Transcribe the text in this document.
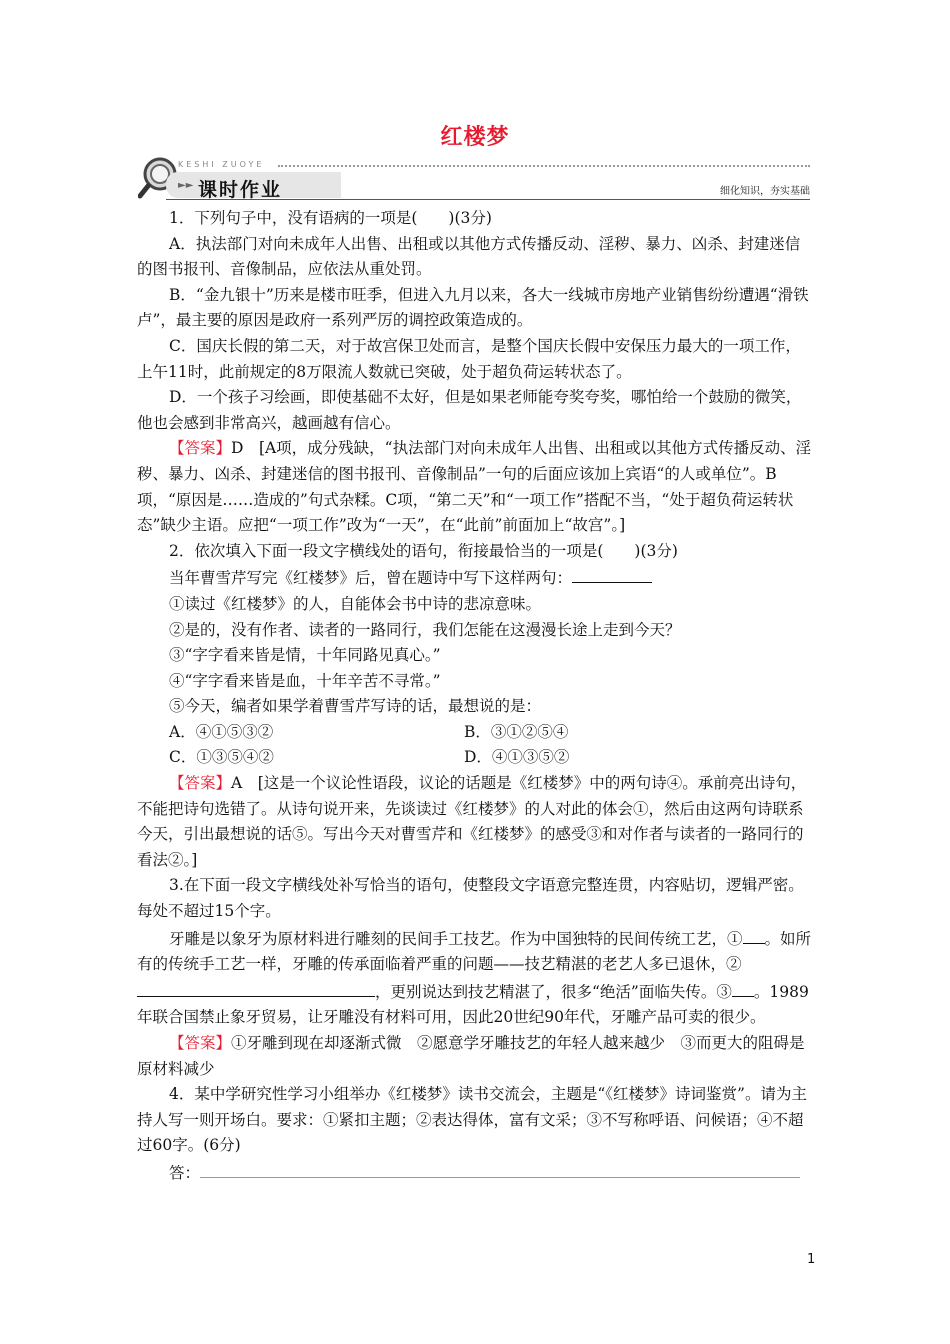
红楼梦
KESHI ZUOYE
►► 课时作业	细化知识，夯实基础

1．下列句子中，没有语病的一项是(　　)(3分)

A．执法部门对向未成年人出售、出租或以其他方式传播反动、淫秽、暴力、凶杀、封建迷信的图书报刊、音像制品，应依法从重处罚。

B．“金九银十”历来是楼市旺季，但进入九月以来，各大一线城市房地产业销售纷纷遭遇“滑铁卢”，最主要的原因是政府一系列严厉的调控政策造成的。

C．国庆长假的第二天，对于故宫保卫处而言，是整个国庆长假中安保压力最大的一项工作，上午11时，此前规定的8万限流人数就已突破，处于超负荷运转状态了。

D．一个孩子习绘画，即使基础不太好，但是如果老师能夸奖夸奖，哪怕给一个鼓励的微笑，他也会感到非常高兴，越画越有信心。

【答案】D　[A项，成分残缺，“执法部门对向未成年人出售、出租或以其他方式传播反动、淫秽、暴力、凶杀、封建迷信的图书报刊、音像制品”一句的后面应该加上宾语“的人或单位”。B项，“原因是……造成的”句式杂糅。C项，“第二天”和“一项工作”搭配不当，“处于超负荷运转状态”缺少主语。应把“一项工作”改为“一天”，在“此前”前面加上“故宫”。]

2．依次填入下面一段文字横线处的语句，衔接最恰当的一项是(　　)(3分)

当年曹雪芹写完《红楼梦》后，曾在题诗中写下这样两句：

①读过《红楼梦》的人，自能体会书中诗的悲凉意味。

②是的，没有作者、读者的一路同行，我们怎能在这漫漫长途上走到今天？

③“字字看来皆是情，十年同路见真心。”

④“字字看来皆是血，十年辛苦不寻常。”

⑤今天，编者如果学着曹雪芹写诗的话，最想说的是：

A．④①⑤③②	B．③①②⑤④
C．①③⑤④②	D．④①③⑤②

【答案】A　[这是一个议论性语段，议论的话题是《红楼梦》中的两句诗④。承前亮出诗句，不能把诗句选错了。从诗句说开来，先谈读过《红楼梦》的人对此的体会①，然后由这两句诗联系今天，引出最想说的话⑤。写出今天对曹雪芹和《红楼梦》的感受③和对作者与读者的一路同行的看法②。]

3.在下面一段文字横线处补写恰当的语句，使整段文字语意完整连贯，内容贴切，逻辑严密。每处不超过15个字。

牙雕是以象牙为原材料进行雕刻的民间手工技艺。作为中国独特的民间传统工艺，① 。如所有的传统手工艺一样，牙雕的传承面临着严重的问题——技艺精湛的老艺人多已退休，②，更别说达到技艺精湛了，很多“绝活”面临失传。③ 。1989年联合国禁止象牙贸易，让牙雕没有材料可用，因此20世纪90年代，牙雕产品可卖的很少。

【答案】①牙雕到现在却逐渐式微　②愿意学牙雕技艺的年轻人越来越少　③而更大的阻碍是原材料减少

4．某中学研究性学习小组举办《红楼梦》读书交流会，主题是“《红楼梦》诗词鉴赏”。请为主持人写一则开场白。要求：①紧扣主题；②表达得体，富有文采；③不写称呼语、问候语；④不超过60字。(6分)

答：

1
